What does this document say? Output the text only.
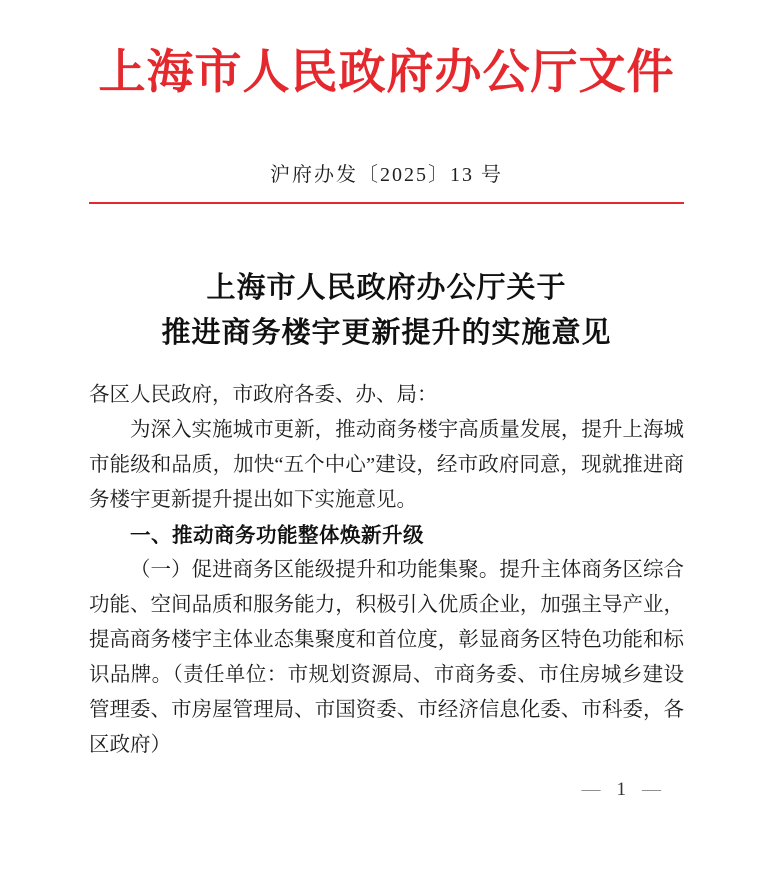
上海市人民政府办公厅文件
沪府办发〔2025〕13 号
上海市人民政府办公厅关于
推进商务楼宇更新提升的实施意见

各区人民政府，市政府各委、办、局：

为深入实施城市更新，推动商务楼宇高质量发展，提升上海城市能级和品质，加快“五个中心”建设，经市政府同意，现就推进商务楼宇更新提升提出如下实施意见。

一、推动商务功能整体焕新升级

（一）促进商务区能级提升和功能集聚。提升主体商务区综合功能、空间品质和服务能力，积极引入优质企业，加强主导产业，提高商务楼宇主体业态集聚度和首位度，彰显商务区特色功能和标识品牌。（责任单位：市规划资源局、市商务委、市住房城乡建设管理委、市房屋管理局、市国资委、市经济信息化委、市科委，各区政府）

— 1 —
